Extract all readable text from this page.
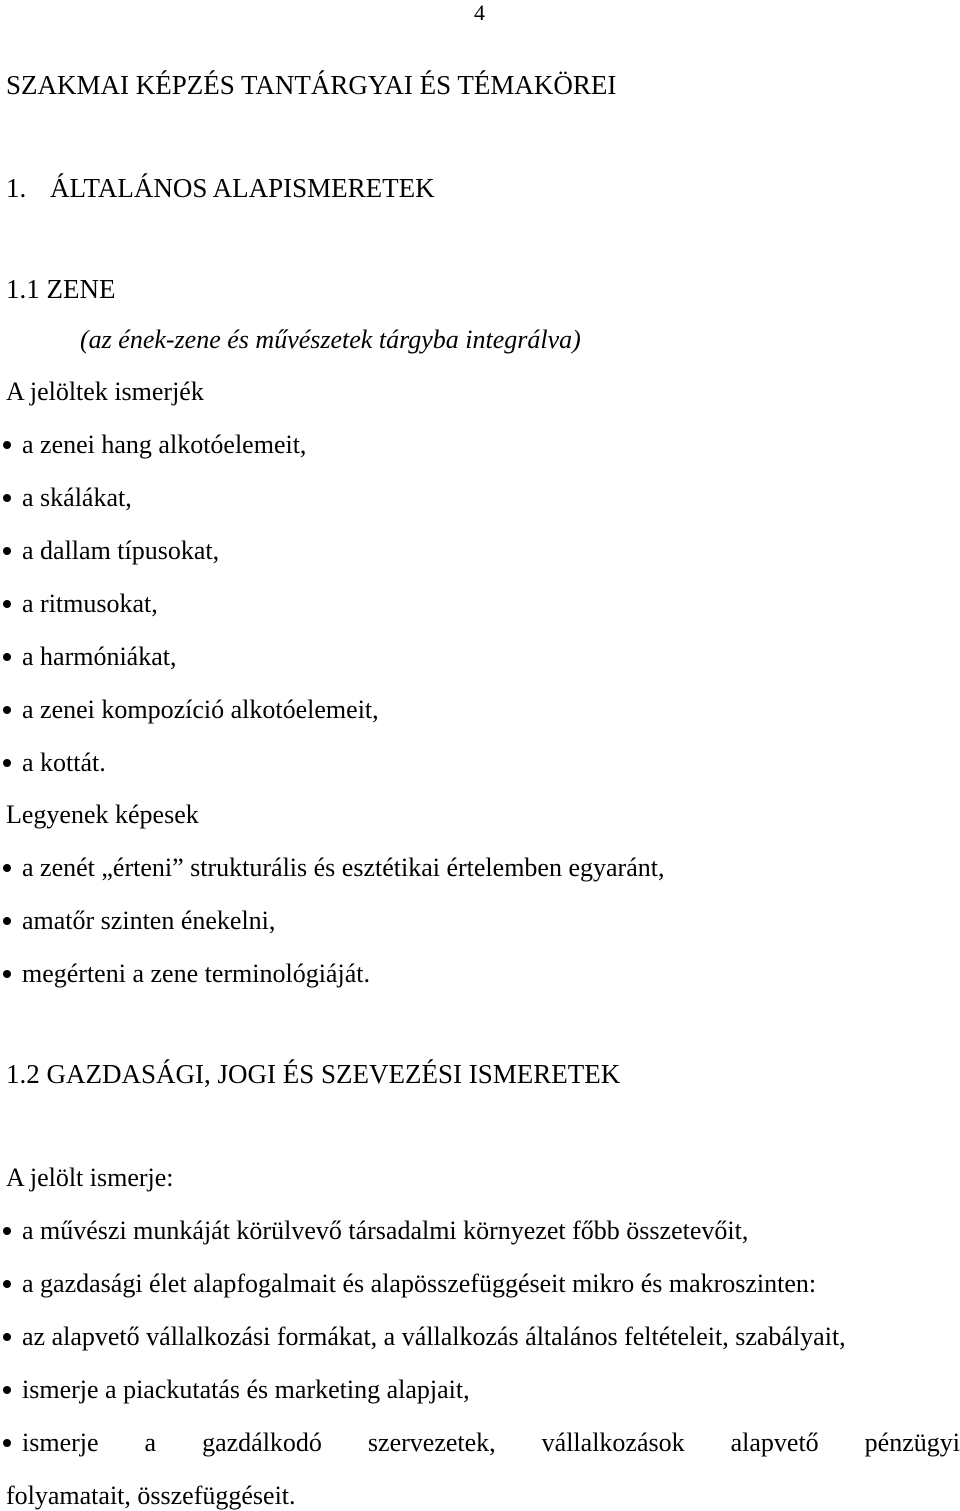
4
SZAKMAI KÉPZÉS TANTÁRGYAI ÉS TÉMAKÖREI
1. ÁLTALÁNOS ALAPISMERETEK
1.1 ZENE
(az ének-zene és művészetek tárgyba integrálva)
A jelöltek ismerjék
a zenei hang alkotóelemeit,
a skálákat,
a dallam típusokat,
a ritmusokat,
a harmóniákat,
a zenei kompozíció alkotóelemeit,
a kottát.
Legyenek képesek
a zenét „érteni” strukturális és esztétikai értelemben egyaránt,
amatőr szinten énekelni,
megérteni a zene terminológiáját.
1.2 GAZDASÁGI, JOGI ÉS SZEVEZÉSI ISMERETEK
A jelölt ismerje:
a művészi munkáját körülvevő társadalmi környezet főbb összetevőit,
a gazdasági élet alapfogalmait és alapösszefüggéseit mikro és makroszinten:
az alapvető vállalkozási formákat, a vállalkozás általános feltételeit, szabályait,
ismerje a piackutatás és marketing alapjait,
ismerje a gazdálkodó szervezetek, vállalkozások alapvető pénzügyi
folyamatait, összefüggéseit.
